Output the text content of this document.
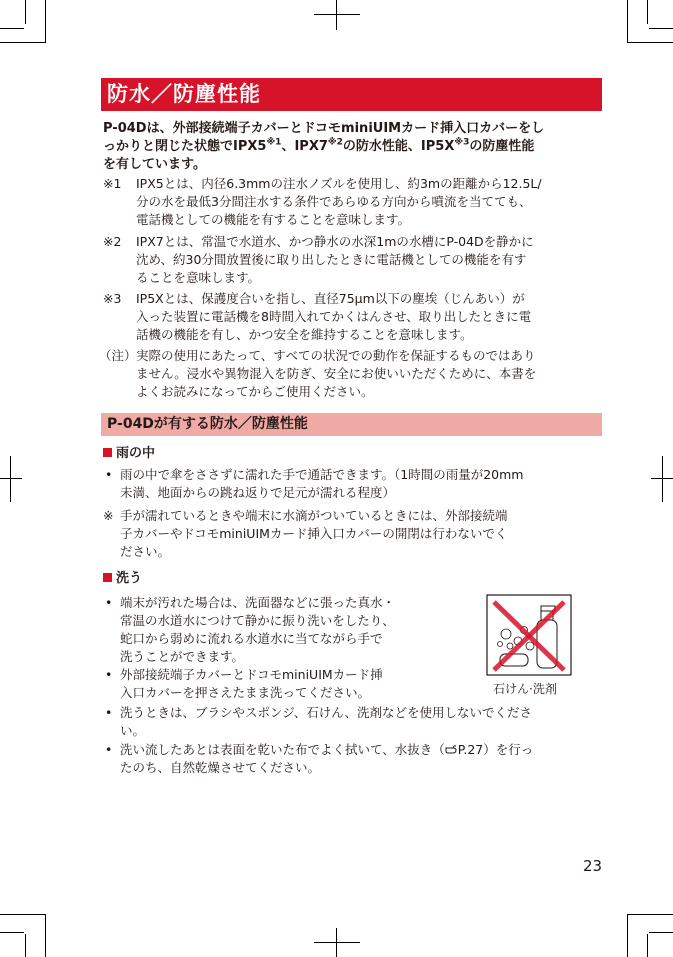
防水／防塵性能
P-04Dは、外部接続端子カバーとドコモminiUIMカード挿入口カバーをし
っかりと閉じた状態でIPX5$^{※1}$、IPX7$^{※2}$の防水性能、$IP5X^{※3}$の防塵性能
を有しています。
※1	IPX5とは、内径6.3mmの注水ノズルを使用し、約3mの距離から12.5L/
分の水を最低3分間注水する条件であらゆる方向から噴流を当てても、
電話機としての機能を有することを意味します。
※2	IPX7とは、常温で水道水、かつ静水の水深1mの水槽にP-04Dを静かに
沈め、約30分間放置後に取り出したときに電話機としての機能を有す
ることを意味します。
※3	IP5Xとは、保護度合いを指し、直径75μm以下の塵埃（じんあい）が
入った装置に電話機を8時間入れてかくはんさせ、取り出したときに電
話機の機能を有し、かつ安全を維持することを意味します。
（注） 実際の使用にあたって、すべての状況での動作を保証するものではあり
ません。浸水や異物混入を防ぎ、安全にお使いいただくために、本書を
よくお読みになってからご使用ください。
P-04Dが有する防水／防塵性能
雨の中
• 雨の中で傘をささずに濡れた手で通話できます。（1時間の雨量が20mm
未満、地面からの跳ね返りで足元が濡れる程度）
※ 手が濡れているときや端末に水滴がついているときには、外部接続端
子カバーやドコモminiUIMカード挿入口カバーの開閉は行わないでく
ださい。
洗う
• 端末が汚れた場合は、洗面器などに張った真水・
常温の水道水につけて静かに振り洗いをしたり、
蛇口から弱めに流れる水道水に当てながら手で
洗うことができます。
• 外部接続端子カバーとドコモminiUIMカード挿
入口カバーを押さえたまま洗ってください。
• 洗うときは、ブラシやスポンジ、石けん、洗剤などを使用しないでくださ
い。
• 洗い流したあとは表面を乾いた布でよく拭いて、水抜き（ P.27）を行っ
たのち、自然乾燥させてください。
石けん·洗剤
23
